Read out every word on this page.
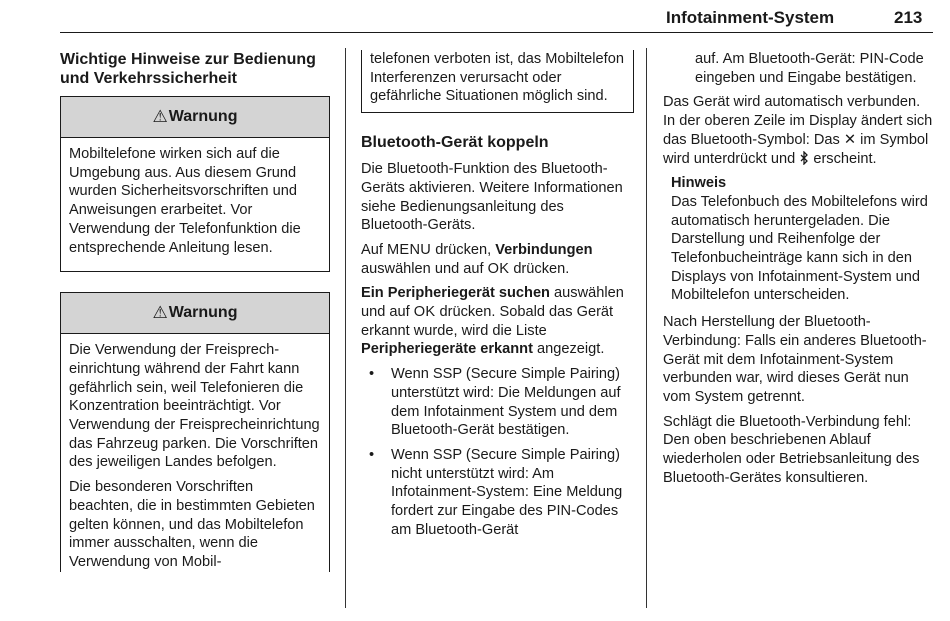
Infotainment-System	213
Wichtige Hinweise zur Bedienung und Verkehrssicherheit
⚠ Warnung

Mobiltelefone wirken sich auf die Umgebung aus. Aus diesem Grund wurden Sicherheitsvorschriften und Anweisungen erarbeitet. Vor Verwendung der Telefonfunktion die entsprechende Anleitung lesen.

⚠ Warnung

Die Verwendung der Freisprecheinrichtung während der Fahrt kann gefährlich sein, weil Telefonieren die Konzentration beeinträchtigt. Vor Verwendung der Freisprecheinrichtung das Fahrzeug parken. Die Vorschriften des jeweiligen Landes befolgen.

Die besonderen Vorschriften beachten, die in bestimmten Gebieten gelten können, und das Mobiltelefon immer ausschalten, wenn die Verwendung von Mobil-

telefonen verboten ist, das Mobiltelefon Interferenzen verursacht oder gefährliche Situationen möglich sind.

Bluetooth-Gerät koppeln

Die Bluetooth-Funktion des Bluetooth-Geräts aktivieren. Weitere Informationen siehe Bedienungsanleitung des Bluetooth-Geräts.

Auf MENU drücken, Verbindungen auswählen und auf OK drücken.

Ein Peripheriegerät suchen auswählen und auf OK drücken. Sobald das Gerät erkannt wurde, wird die Liste Peripheriegeräte erkannt angezeigt.

• Wenn SSP (Secure Simple Pairing) unterstützt wird: Die Meldungen auf dem Infotainment System und dem Bluetooth-Gerät bestätigen.
• Wenn SSP (Secure Simple Pairing) nicht unterstützt wird: Am Infotainment-System: Eine Meldung fordert zur Eingabe des PIN-Codes am Bluetooth-Gerät

auf. Am Bluetooth-Gerät: PIN-Code eingeben und Eingabe bestätigen.

Das Gerät wird automatisch verbunden. In der oberen Zeile im Display ändert sich das Bluetooth-Symbol: Das ✕ im Symbol wird unterdrückt und  erscheint.

Hinweis
Das Telefonbuch des Mobiltelefons wird automatisch heruntergeladen. Die Darstellung und Reihenfolge der Telefonbucheinträge kann sich in den Displays von Infotainment-System und Mobiltelefon unterscheiden.

Nach Herstellung der Bluetooth-Verbindung: Falls ein anderes Bluetooth-Gerät mit dem Infotainment-System verbunden war, wird dieses Gerät nun vom System getrennt.

Schlägt die Bluetooth-Verbindung fehl: Den oben beschriebenen Ablauf wiederholen oder Betriebsanleitung des Bluetooth-Gerätes konsultieren.
